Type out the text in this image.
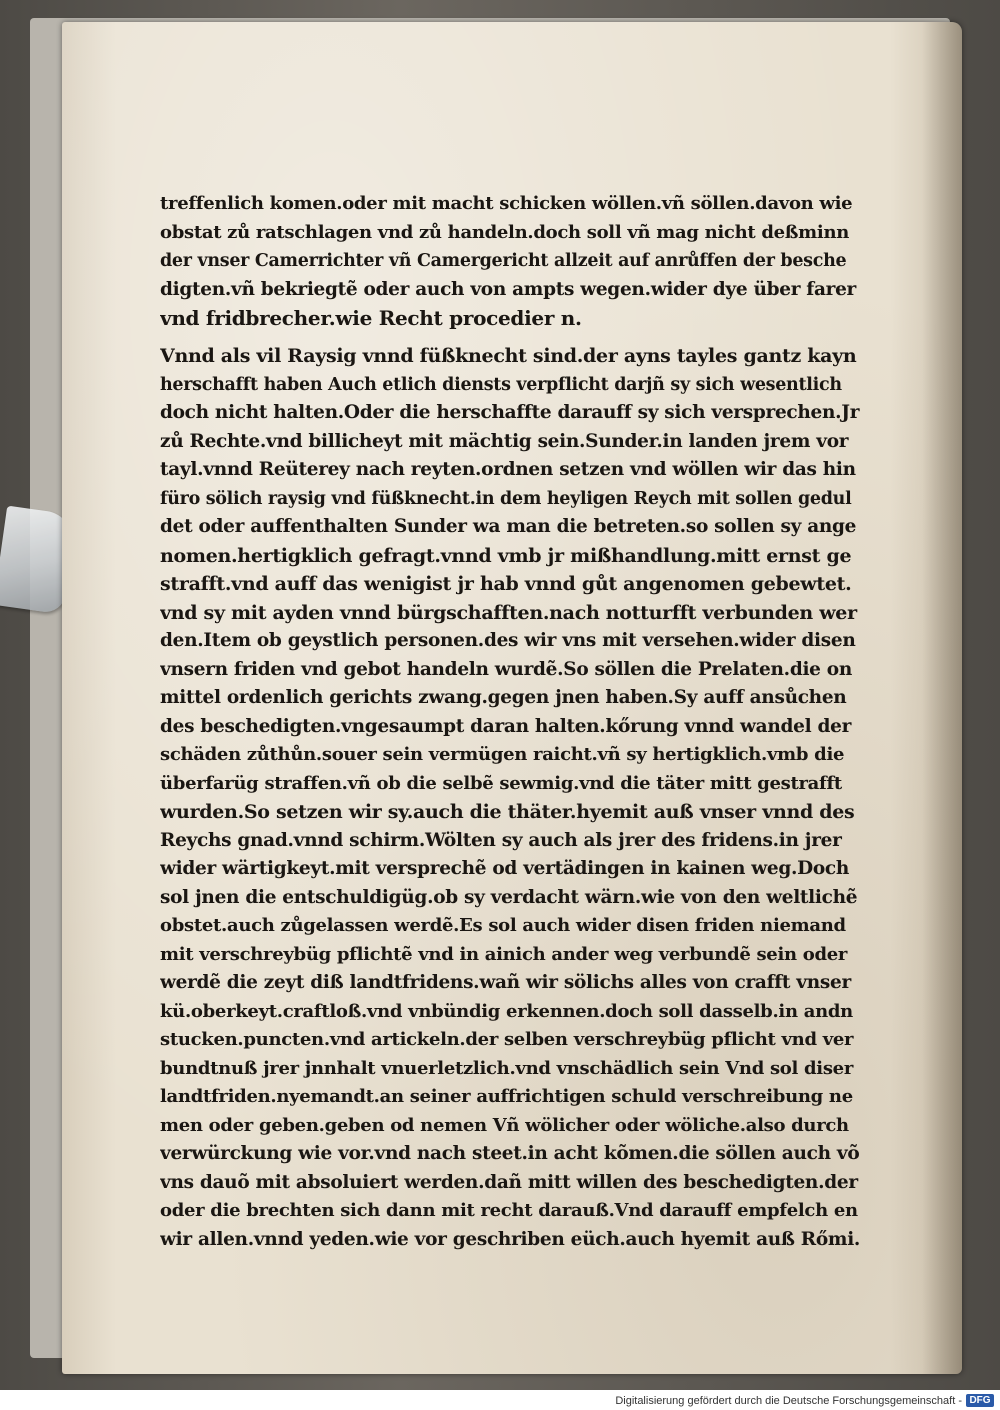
treffenlich komen.oder mit macht schicken wöllen.vñ söllen.davon wie
obstat zů ratschlagen vnd zů handeln.doch soll vñ mag nicht deßminn
der vnser Camerrichter vñ Camergericht allzeit auf anrůffen der besche
digten.vñ bekriegtẽ oder auch von ampts wegen.wider dye über farer
vnd fridbrecher.wie Recht procedier n.
Vnnd als vil Raysig vnnd füßknecht sind.der ayns tayles gantz kayn
herschafft haben Auch etlich diensts verpflicht darjñ sy sich wesentlich
doch nicht halten.Oder die herschaffte darauff sy sich versprechen.Jr
zů Rechte.vnd billicheyt mit mächtig sein.Sunder.in landen jrem vor
tayl.vnnd Reüterey nach reyten.ordnen setzen vnd wöllen wir das hin
füro sölich raysig vnd füßknecht.in dem heyligen Reych mit sollen gedul
det oder auffenthalten Sunder wa man die betreten.so sollen sy ange
nomen.hertigklich gefragt.vnnd vmb jr mißhandlung.mitt ernst ge
strafft.vnd auff das wenigist jr hab vnnd gůt angenomen gebewtet.
vnd sy mit ayden vnnd bürgschafften.nach notturfft verbunden wer
den.Item ob geystlich personen.des wir vns mit versehen.wider disen
vnsern friden vnd gebot handeln wurdẽ.So söllen die Prelaten.die on
mittel ordenlich gerichts zwang.gegen jnen haben.Sy auff ansůchen
des beschedigten.vngesaumpt daran halten.kőrung vnnd wandel der
schäden zůthůn.souer sein vermügen raicht.vñ sy hertigklich.vmb die
überfarüg straffen.vñ ob die selbẽ sewmig.vnd die täter mitt gestrafft
wurden.So setzen wir sy.auch die thäter.hyemit auß vnser vnnd des
Reychs gnad.vnnd schirm.Wölten sy auch als jrer des fridens.in jrer
wider wärtigkeyt.mit versprechẽ od vertädingen in kainen weg.Doch
sol jnen die entschuldigüg.ob sy verdacht wärn.wie von den weltlichẽ
obstet.auch zůgelassen werdẽ.Es sol auch wider disen friden niemand
mit verschreybüg pflichtẽ vnd in ainich ander weg verbundẽ sein oder
werdẽ die zeyt diß landtfridens.wañ wir sölichs alles von crafft vnser
kü.oberkeyt.craftloß.vnd vnbündig erkennen.doch soll dasselb.in andn
stucken.puncten.vnd artickeln.der selben verschreybüg pflicht vnd ver
bundtnuß jrer jnnhalt vnuerletzlich.vnd vnschädlich sein Vnd sol diser
landtfriden.nyemandt.an seiner auffrichtigen schuld verschreibung ne
men oder geben.geben od nemen Vñ wölicher oder wöliche.also durch
verwürckung wie vor.vnd nach steet.in acht kõmen.die söllen auch võ
vns dauõ mit absoluiert werden.dañ mitt willen des beschedigten.der
oder die brechten sich dann mit recht darauß.Vnd darauff empfelch en
wir allen.vnnd yeden.wie vor geschriben eüch.auch hyemit auß Rőmi.
Digitalisierung gefördert durch die Deutsche Forschungsgemeinschaft - DFG
